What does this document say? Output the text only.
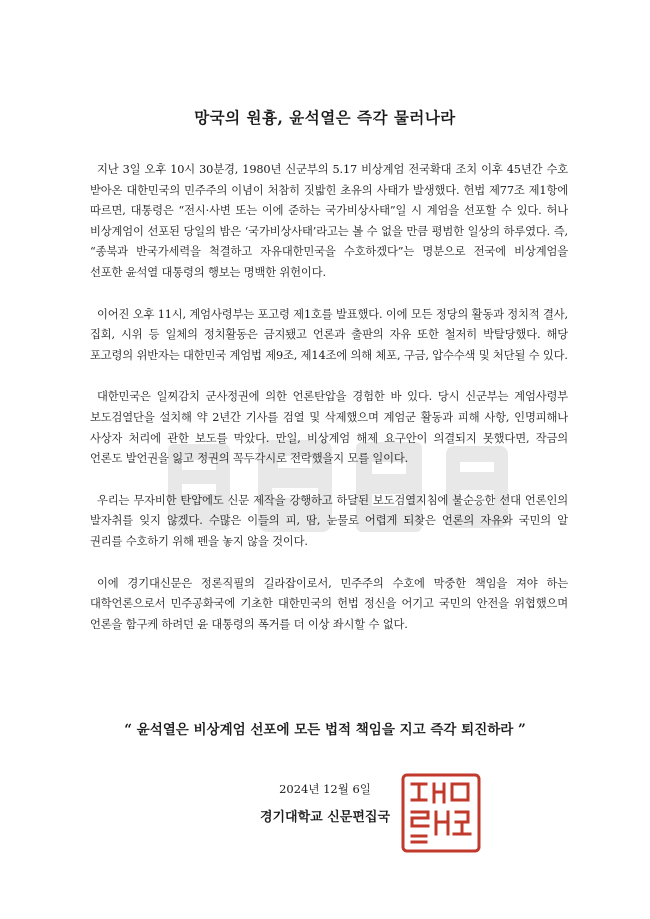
망국의 원흉, 윤석열은 즉각 물러나라

지난 3일 오후 10시 30분경, 1980년 신군부의 5.17 비상계엄 전국확대 조치 이후 45년간 수호 받아온 대한민국의 민주주의 이념이 처참히 짓밟힌 초유의 사태가 발생했다. 헌법 제77조 제1항에 따르면, 대통령은 “전시·사변 또는 이에 준하는 국가비상사태”일 시 계엄을 선포할 수 있다. 허나 비상계엄이 선포된 당일의 밤은 ‘국가비상사태’라고는 볼 수 없을 만큼 평범한 일상의 하루였다. 즉, “종북과 반국가세력을 척결하고 자유대한민국을 수호하겠다”는 명분으로 전국에 비상계엄을 선포한 윤석열 대통령의 행보는 명백한 위헌이다.

이어진 오후 11시, 계엄사령부는 포고령 제1호를 발표했다. 이에 모든 정당의 활동과 정치적 결사, 집회, 시위 등 일체의 정치활동은 금지됐고 언론과 출판의 자유 또한 철저히 박탈당했다. 해당 포고령의 위반자는 대한민국 계엄법 제9조, 제14조에 의해 체포, 구금, 압수수색 및 처단될 수 있다.

대한민국은 일찌감치 군사정권에 의한 언론탄압을 경험한 바 있다. 당시 신군부는 계엄사령부 보도검열단을 설치해 약 2년간 기사를 검열 및 삭제했으며 계엄군 활동과 피해 사항, 인명피해나 사상자 처리에 관한 보도를 막았다. 만일, 비상계엄 해제 요구안이 의결되지 못했다면, 작금의 언론도 발언권을 잃고 정권의 꼭두각시로 전락했을지 모를 일이다.

우리는 무자비한 탄압에도 신문 제작을 강행하고 하달된 보도검열지침에 불순응한 선대 언론인의 발자취를 잊지 않겠다. 수많은 이들의 피, 땀, 눈물로 어렵게 되찾은 언론의 자유와 국민의 알 권리를 수호하기 위해 펜을 놓지 않을 것이다.

이에 경기대신문은 정론직필의 길라잡이로서, 민주주의 수호에 막중한 책임을 져야 하는 대학언론으로서 민주공화국에 기초한 대한민국의 헌법 정신을 어기고 국민의 안전을 위협했으며 언론을 함구케 하려던 윤 대통령의 폭거를 더 이상 좌시할 수 없다.

“ 윤석열은 비상계엄 선포에 모든 법적 책임을 지고 즉각 퇴진하라 ”

2024년 12월 6일
경기대학교 신문편집국
